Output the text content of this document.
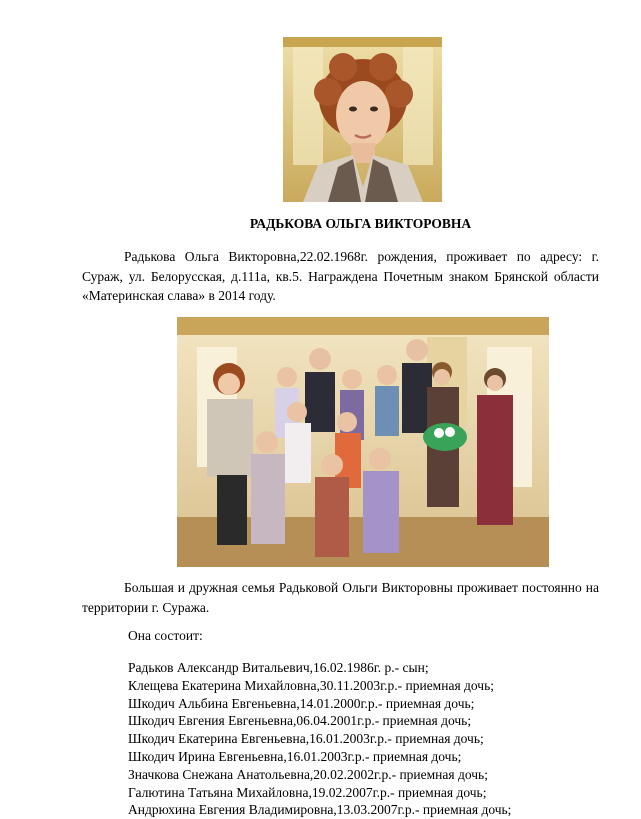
РАДЬКОВА ОЛЬГА ВИКТОРОВНА

Радькова Ольга Викторовна,22.02.1968г. рождения, проживает по адресу: г. Сураж, ул. Белорусская, д.111а, кв.5. Награждена Почетным знаком Брянской области «Материнская слава» в 2014 году.

Большая и дружная семья Радьковой Ольги Викторовны проживает постоянно на территории г. Суража.

Она состоит:

Радьков Александр Витальевич,16.02.1986г. р.- сын;
Клещева Екатерина Михайловна,30.11.2003г.р.- приемная дочь;
Шкодич Альбина Евгеньевна,14.01.2000г.р.- приемная дочь;
Шкодич Евгения Евгеньевна,06.04.2001г.р.- приемная дочь;
Шкодич Екатерина Евгеньевна,16.01.2003г.р.- приемная дочь;
Шкодич Ирина Евгеньевна,16.01.2003г.р.- приемная дочь;
Значкова Снежана Анатольевна,20.02.2002г.р.- приемная дочь;
Галютина Татьяна Михайловна,19.02.2007г.р.- приемная дочь;
Андрюхина Евгения Владимировна,13.03.2007г.р.- приемная дочь;
